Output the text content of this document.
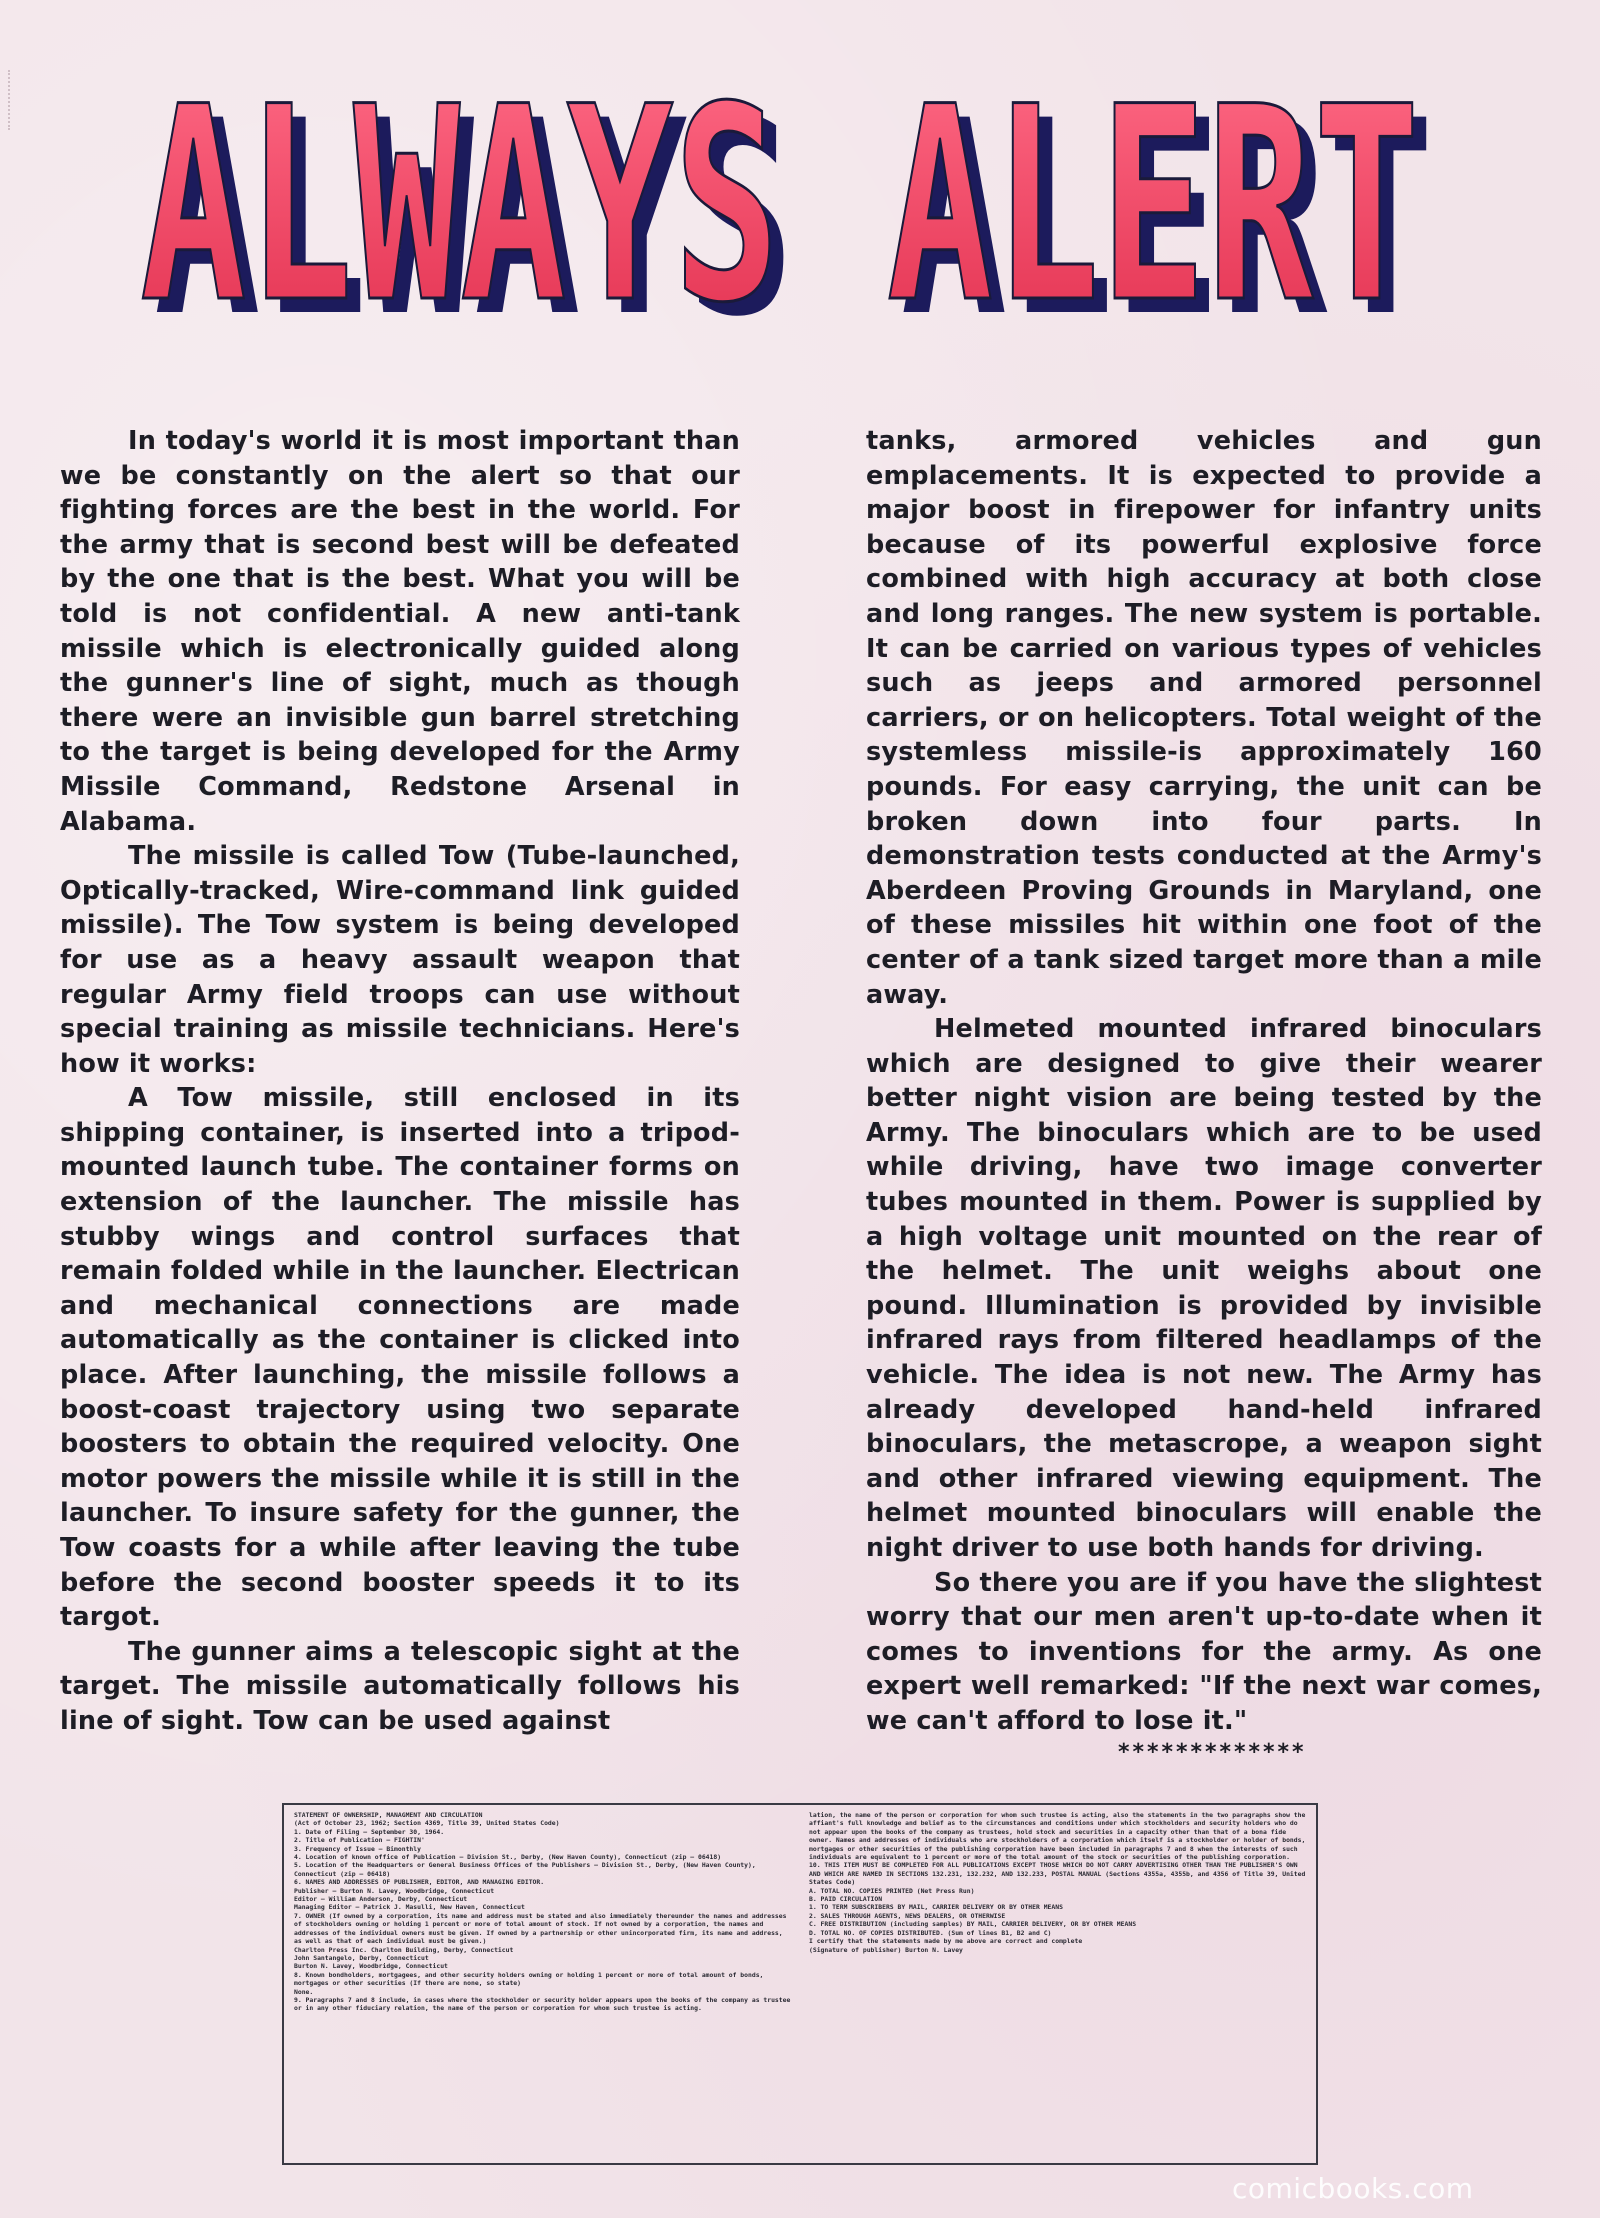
ALWAYS ALERT
ALWAYS ALERT

In today's world it is most important than we be constantly on the alert so that our fighting forces are the best in the world. For the army that is second best will be defeated by the one that is the best. What you will be told is not confidential. A new anti-tank missile which is electronically guided along the gunner's line of sight, much as though there were an invisible gun barrel stretching to the target is being developed for the Army Missile Command, Redstone Arsenal in Alabama.

The missile is called Tow (Tube-launched, Optically-tracked, Wire-command link guided missile). The Tow system is being developed for use as a heavy assault weapon that regular Army field troops can use without special training as missile technicians. Here's how it works:

A Tow missile, still enclosed in its shipping container, is inserted into a tripod-mounted launch tube. The container forms on extension of the launcher. The missile has stubby wings and control surfaces that remain folded while in the launcher. Electrican and mechanical connections are made automatically as the container is clicked into place. After launching, the missile follows a boost-coast trajectory using two separate boosters to obtain the required velocity. One motor powers the missile while it is still in the launcher. To insure safety for the gunner, the Tow coasts for a while after leaving the tube before the second booster speeds it to its targot.

The gunner aims a telescopic sight at the target. The missile automatically follows his line of sight. Tow can be used against

tanks, armored vehicles and gun emplacements. It is expected to provide a major boost in firepower for infantry units because of its powerful explosive force combined with high accuracy at both close and long ranges. The new system is portable. It can be carried on various types of vehicles such as jeeps and armored personnel carriers, or on helicopters. Total weight of the systemless missile-is approximately 160 pounds. For easy carrying, the unit can be broken down into four parts. In demonstration tests conducted at the Army's Aberdeen Proving Grounds in Maryland, one of these missiles hit within one foot of the center of a tank sized target more than a mile away.

Helmeted mounted infrared binoculars which are designed to give their wearer better night vision are being tested by the Army. The binoculars which are to be used while driving, have two image converter tubes mounted in them. Power is supplied by a high voltage unit mounted on the rear of the helmet. The unit weighs about one pound. Illumination is provided by invisible infrared rays from filtered headlamps of the vehicle. The idea is not new. The Army has already developed hand-held infrared binoculars, the metascrope, a weapon sight and other infrared viewing equipment. The helmet mounted binoculars will enable the night driver to use both hands for driving.

So there you are if you have the slightest worry that our men aren't up-to-date when it comes to inventions for the army. As one expert well remarked: "If the next war comes, we can't afford to lose it."

*************
STATEMENT OF OWNERSHIP, MANAGMENT AND CIRCULATION
(Act of October 23, 1962; Section 4369, Title 39, United States Code)
1. Date of Filing — September 30, 1964.
2. Title of Publication — FIGHTIN'
3. Frequency of Issue — Bimonthly
4. Location of known office of Publication — Division St., Derby, (New Haven County), Connecticut (zip — 06418)
5. Location of the Headquarters or General Business Offices of the Publishers — Division St., Derby, (New Haven County), Connecticut (zip — 06418)
6. NAMES AND ADDRESSES OF PUBLISHER, EDITOR, AND MANAGING EDITOR.
Publisher — Burton N. Lavey, Woodbridge, Connecticut
Editor — William Anderson, Derby, Connecticut
Managing Editor — Patrick J. Masulli, New Haven, Connecticut
7. OWNER (If owned by a corporation, its name and address must be stated and also immediately thereunder the names and addresses of stockholders owning or holding 1 percent or more of total amount of stock. If not owned by a corporation, the names and addresses of the individual owners must be given. If owned by a partnership or other unincorporated firm, its name and address, as well as that of each individual must be given.)
Charlton Press Inc. Charlton Building, Derby, Connecticut
John Santangelo, Derby, Connecticut
Burton N. Lavey, Woodbridge, Connecticut
8. Known bondholders, mortgagees, and other security holders owning or holding 1 percent or more of total amount of bonds, mortgages or other securities (If there are none, so state)
None.
9. Paragraphs 7 and 8 include, in cases where the stockholder or security holder appears upon the books of the company as trustee or in any other fiduciary relation, the name of the person or corporation for whom such trustee is acting.
lation, the name of the person or corporation for whom such trustee is acting, also the statements in the two paragraphs show the affiant's full knowledge and belief as to the circumstances and conditions under which stockholders and security holders who do not appear upon the books of the company as trustees, hold stock and securities in a capacity other than that of a bona fide owner. Names and addresses of individuals who are stockholders of a corporation which itself is a stockholder or holder of bonds, mortgages or other securities of the publishing corporation have been included in paragraphs 7 and 8 when the interests of such individuals are equivalent to 1 percent or more of the total amount of the stock or securities of the publishing corporation.
10. THIS ITEM MUST BE COMPLETED FOR ALL PUBLICATIONS EXCEPT THOSE WHICH DO NOT CARRY ADVERTISING OTHER THAN THE PUBLISHER'S OWN AND WHICH ARE NAMED IN SECTIONS 132.231, 132.232, AND 132.233, POSTAL MANUAL (Sections 4355a, 4355b, and 4356 of Title 39, United States Code)
A. TOTAL NO. COPIES PRINTED (Net Press Run)
B. PAID CIRCULATION
1. TO TERM SUBSCRIBERS BY MAIL, CARRIER DELIVERY OR BY OTHER MEANS
2. SALES THROUGH AGENTS, NEWS DEALERS, OR OTHERWISE
C. FREE DISTRIBUTION (including samples) BY MAIL, CARRIER DELIVERY, OR BY OTHER MEANS
D. TOTAL NO. OF COPIES DISTRIBUTED. (Sum of lines B1, B2 and C)
I certify that the statements made by me above are correct and complete
(Signature of publisher) Burton N. Lavey
comicbooks.com
